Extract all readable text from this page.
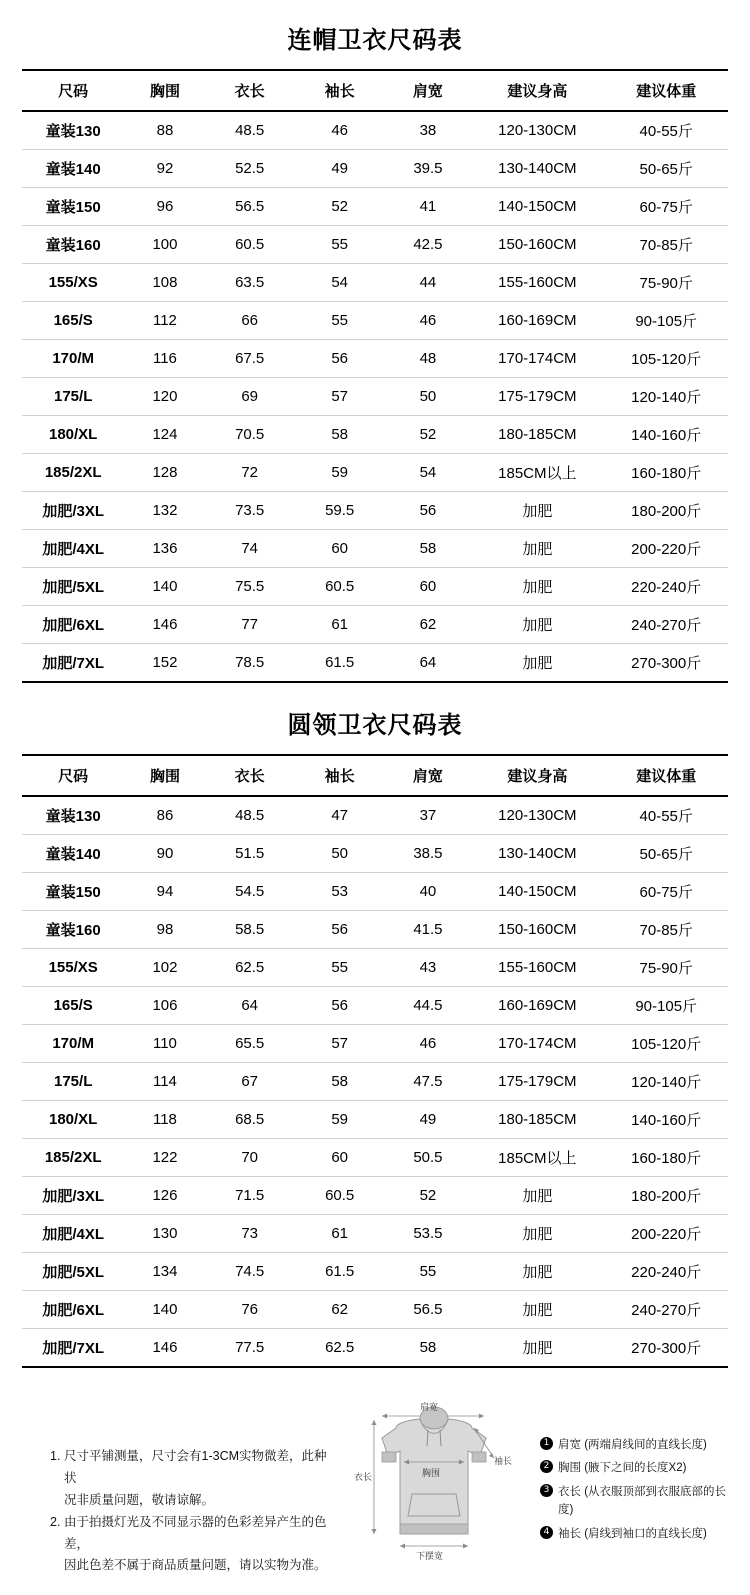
连帽卫衣尺码表
尺码	胸围	衣长	袖长	肩宽	建议身高	建议体重
童装130	88	48.5	46	38	120-130CM	40-55斤
童装140	92	52.5	49	39.5	130-140CM	50-65斤
童装150	96	56.5	52	41	140-150CM	60-75斤
童装160	100	60.5	55	42.5	150-160CM	70-85斤
155/XS	108	63.5	54	44	155-160CM	75-90斤
165/S	112	66	55	46	160-169CM	90-105斤
170/M	116	67.5	56	48	170-174CM	105-120斤
175/L	120	69	57	50	175-179CM	120-140斤
180/XL	124	70.5	58	52	180-185CM	140-160斤
185/2XL	128	72	59	54	185CM以上	160-180斤
加肥/3XL	132	73.5	59.5	56	加肥	180-200斤
加肥/4XL	136	74	60	58	加肥	200-220斤
加肥/5XL	140	75.5	60.5	60	加肥	220-240斤
加肥/6XL	146	77	61	62	加肥	240-270斤
加肥/7XL	152	78.5	61.5	64	加肥	270-300斤
圆领卫衣尺码表
尺码	胸围	衣长	袖长	肩宽	建议身高	建议体重
童装130	86	48.5	47	37	120-130CM	40-55斤
童装140	90	51.5	50	38.5	130-140CM	50-65斤
童装150	94	54.5	53	40	140-150CM	60-75斤
童装160	98	58.5	56	41.5	150-160CM	70-85斤
155/XS	102	62.5	55	43	155-160CM	75-90斤
165/S	106	64	56	44.5	160-169CM	90-105斤
170/M	110	65.5	57	46	170-174CM	105-120斤
175/L	114	67	58	47.5	175-179CM	120-140斤
180/XL	118	68.5	59	49	180-185CM	140-160斤
185/2XL	122	70	60	50.5	185CM以上	160-180斤
加肥/3XL	126	71.5	60.5	52	加肥	180-200斤
加肥/4XL	130	73	61	53.5	加肥	200-220斤
加肥/5XL	134	74.5	61.5	55	加肥	220-240斤
加肥/6XL	140	76	62	56.5	加肥	240-270斤
加肥/7XL	146	77.5	62.5	58	加肥	270-300斤
1. 尺寸平铺测量，尺寸会有1-3CM实物微差，此种状
况非质量问题，敬请谅解。
2. 由于拍摄灯光及不同显示器的色彩差异产生的色差，
因此色差不属于商品质量问题，请以实物为准。
肩宽
胸围
衣长
袖长
下摆宽
1 肩宽 (两端肩线间的直线长度)
2 胸围 (腋下之间的长度X2)
3 衣长 (从衣服顶部到衣服底部的长度)
4 袖长 (肩线到袖口的直线长度)
